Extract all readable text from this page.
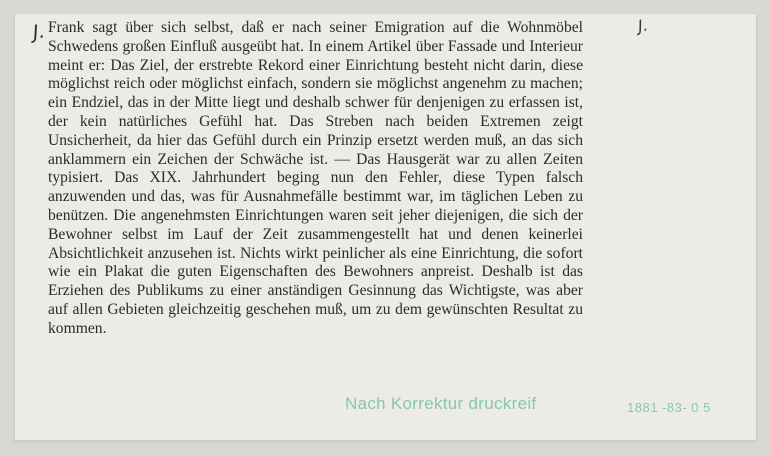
J.	J.

Frank sagt über sich selbst, daß er nach seiner Emigration auf die Wohnmöbel Schwedens großen Einfluß ausgeübt hat. In einem Artikel über Fassade und Interieur meint er: Das Ziel, der erstrebte Rekord einer Einrichtung besteht nicht darin, diese möglichst reich oder möglichst einfach, sondern sie möglichst angenehm zu machen; ein Endziel, das in der Mitte liegt und deshalb schwer für denjenigen zu erfassen ist, der kein natürliches Gefühl hat. Das Streben nach beiden Extremen zeigt Unsicherheit, da hier das Gefühl durch ein Prinzip ersetzt werden muß, an das sich anklammern ein Zeichen der Schwäche ist. — Das Hausgerät war zu allen Zeiten typisiert. Das XIX. Jahrhundert beging nun den Fehler, diese Typen falsch anzuwenden und das, was für Ausnahmefälle bestimmt war, im täglichen Leben zu benützen. Die angenehmsten Einrichtungen waren seit jeher diejenigen, die sich der Bewohner selbst im Lauf der Zeit zusammengestellt hat und denen keinerlei Absichtlichkeit anzusehen ist. Nichts wirkt peinlicher als eine Einrichtung, die sofort wie ein Plakat die guten Eigenschaften des Bewohners anpreist. Deshalb ist das Erziehen des Publikums zu einer anständigen Gesinnung das Wichtigste, was aber auf allen Gebieten gleichzeitig geschehen muß, um zu dem gewünschten Resultat zu kommen.

Nach Korrektur druckreif	1881 -83- 0 5
